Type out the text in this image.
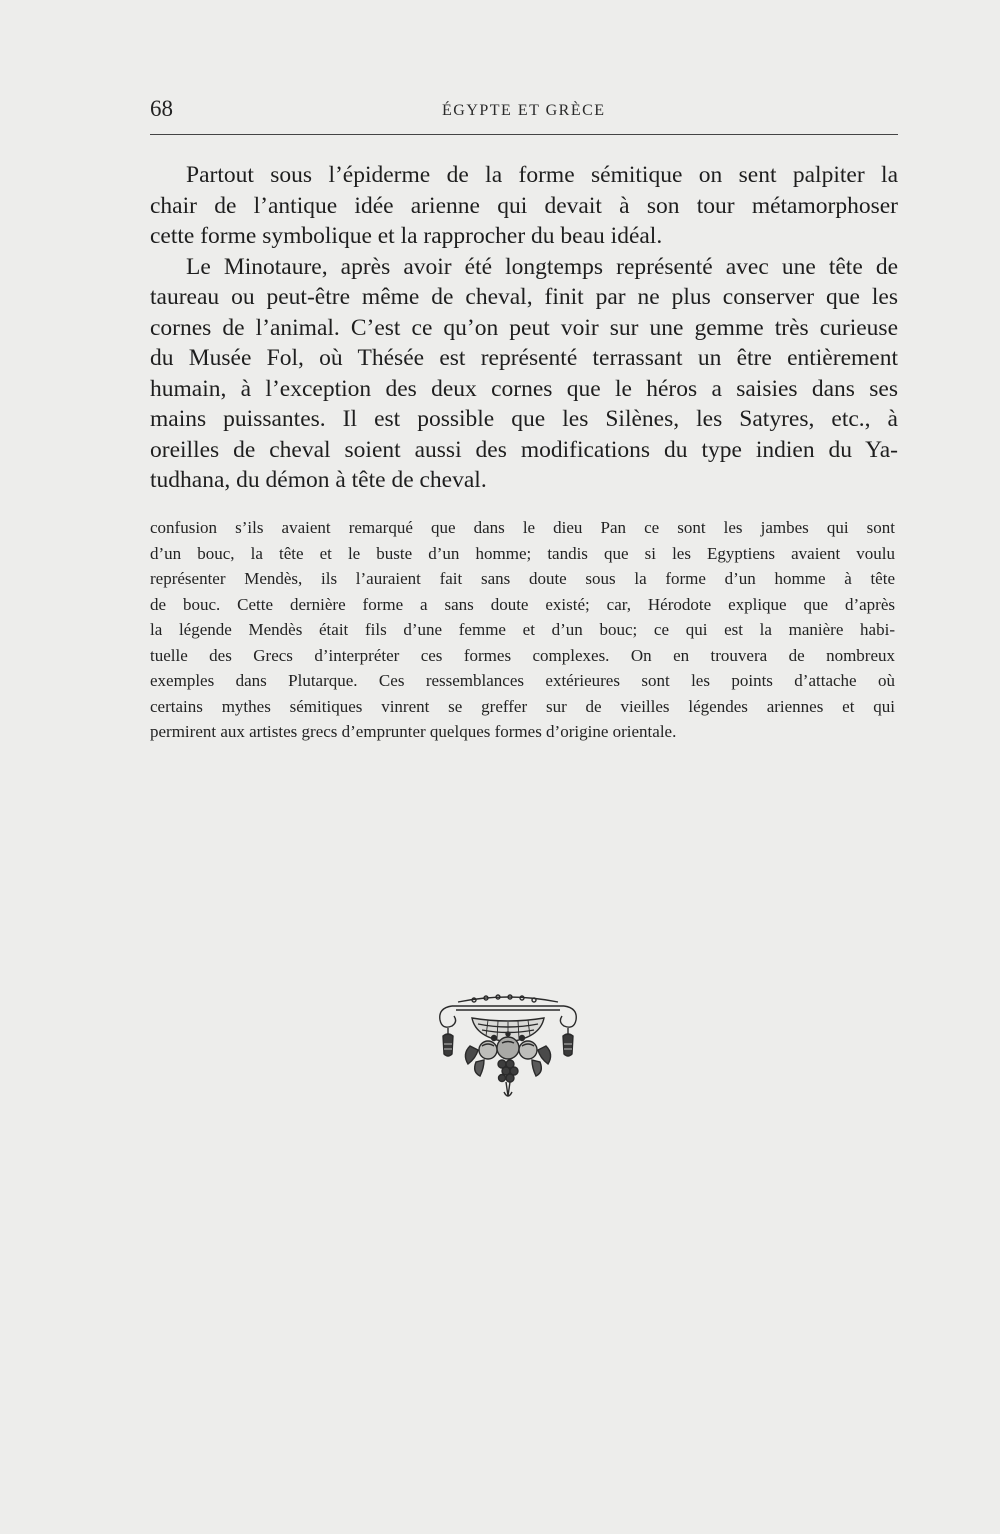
68	ÉGYPTE ET GRÈCE
Partout sous l’épiderme de la forme sémitique on sent palpiter la
chair de l’antique idée arienne qui devait à son tour métamorphoser
cette forme symbolique et la rapprocher du beau idéal.
Le Minotaure, après avoir été longtemps représenté avec une tête de
taureau ou peut-être même de cheval, finit par ne plus conserver que les
cornes de l’animal. C’est ce qu’on peut voir sur une gemme très curieuse
du Musée Fol, où Thésée est représenté terrassant un être entièrement
humain, à l’exception des deux cornes que le héros a saisies dans ses
mains puissantes. Il est possible que les Silènes, les Satyres, etc., à
oreilles de cheval soient aussi des modifications du type indien du Ya-
tudhana, du démon à tête de cheval.
confusion s’ils avaient remarqué que dans le dieu Pan ce sont les jambes qui sont
d’un bouc, la tête et le buste d’un homme; tandis que si les Egyptiens avaient voulu
représenter Mendès, ils l’auraient fait sans doute sous la forme d’un homme à tête
de bouc. Cette dernière forme a sans doute existé; car, Hérodote explique que d’après
la légende Mendès était fils d’une femme et d’un bouc; ce qui est la manière habi-
tuelle des Grecs d’interpréter ces formes complexes. On en trouvera de nombreux
exemples dans Plutarque. Ces ressemblances extérieures sont les points d’attache où
certains mythes sémitiques vinrent se greffer sur de vieilles légendes ariennes et qui
permirent aux artistes grecs d’emprunter quelques formes d’origine orientale.
